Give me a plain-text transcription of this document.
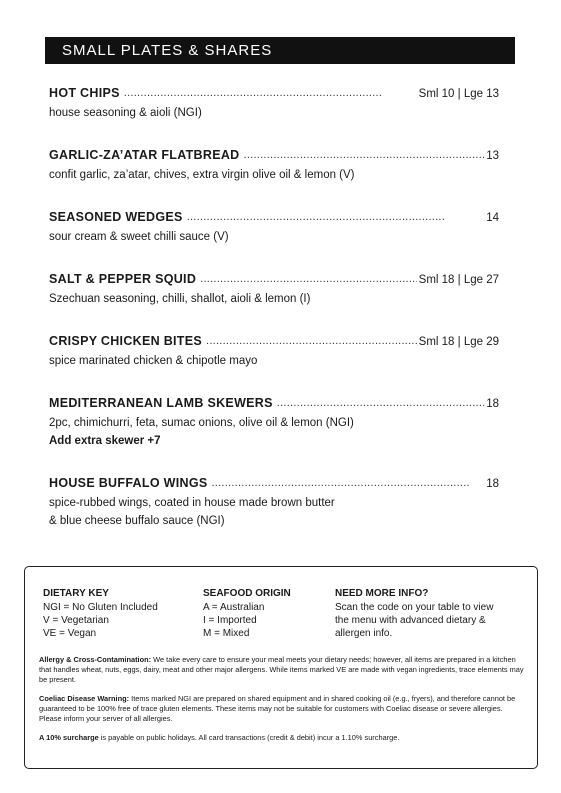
SMALL PLATES & SHARES
HOT CHIPS . . .	Sml 10 | Lge 13
house seasoning & aioli (NGI)
GARLIC-ZA’ATAR FLATBREAD . . .	13
confit garlic, za’atar, chives, extra virgin olive oil & lemon (V)
SEASONED WEDGES . . .	14
sour cream & sweet chilli sauce (V)
SALT & PEPPER SQUID . . .	Sml 18 | Lge 27
Szechuan seasoning, chilli, shallot, aioli & lemon (I)
CRISPY CHICKEN BITES . . .	Sml 18 | Lge 29
spice marinated chicken & chipotle mayo
MEDITERRANEAN LAMB SKEWERS . . .	18
2pc, chimichurri, feta, sumac onions, olive oil & lemon (NGI)
Add extra skewer +7
HOUSE BUFFALO WINGS . . .	18
spice-rubbed wings, coated in house made brown butter
& blue cheese buffalo sauce (NGI)
DIETARY KEY
NGI = No Gluten Included
V = Vegetarian
VE = Vegan
SEAFOOD ORIGIN
A = Australian
I = Imported
M = Mixed
NEED MORE INFO?
Scan the code on your table to view
the menu with advanced dietary &
allergen info.

Allergy & Cross-Contamination: We take every care to ensure your meal meets your dietary needs; however, all items are prepared in a kitchen that handles wheat, nuts, eggs, dairy, meat and other major allergens. While items marked VE are made with vegan ingredients, trace elements may be present.

Coeliac Disease Warning: Items marked NGI are prepared on shared equipment and in shared cooking oil (e.g., fryers), and therefore cannot be guaranteed to be 100% free of trace gluten elements. These items may not be suitable for customers with Coeliac disease or severe allergies. Please inform your server of all allergies.

A 10% surcharge is payable on public holidays. All card transactions (credit & debit) incur a 1.10% surcharge.
